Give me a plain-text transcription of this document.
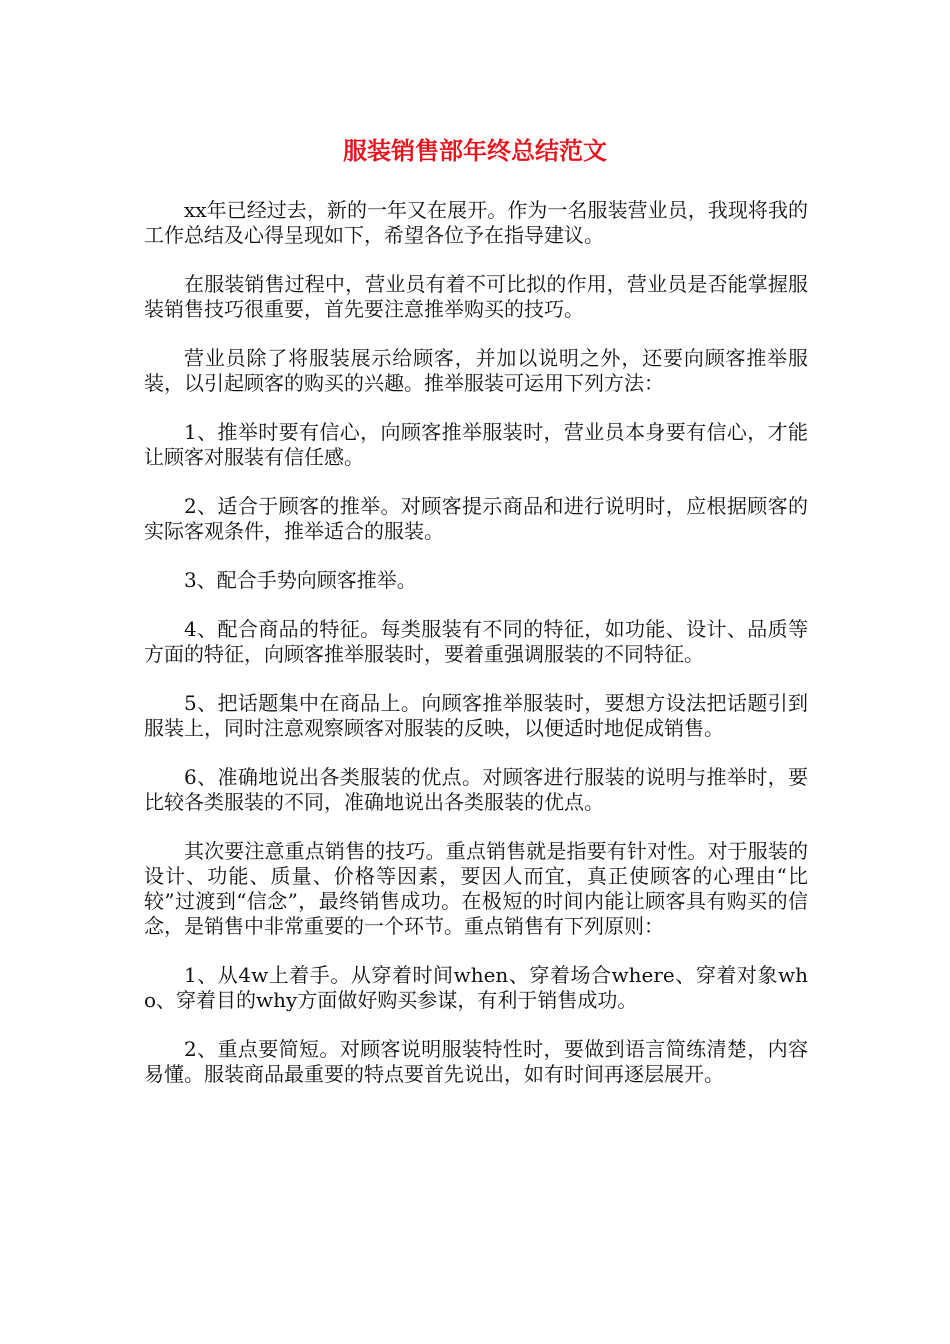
服装销售部年终总结范文

xx年已经过去，新的一年又在展开。作为一名服装营业员，我现将我的工作总结及心得呈现如下，希望各位予在指导建议。

在服装销售过程中，营业员有着不可比拟的作用，营业员是否能掌握服装销售技巧很重要，首先要注意推举购买的技巧。

营业员除了将服装展示给顾客，并加以说明之外，还要向顾客推举服装，以引起顾客的购买的兴趣。推举服装可运用下列方法：

1、推举时要有信心，向顾客推举服装时，营业员本身要有信心，才能让顾客对服装有信任感。

2、适合于顾客的推举。对顾客提示商品和进行说明时，应根据顾客的实际客观条件，推举适合的服装。

3、配合手势向顾客推举。

4、配合商品的特征。每类服装有不同的特征，如功能、设计、品质等方面的特征，向顾客推举服装时，要着重强调服装的不同特征。

5、把话题集中在商品上。向顾客推举服装时，要想方设法把话题引到服装上，同时注意观察顾客对服装的反映，以便适时地促成销售。

6、准确地说出各类服装的优点。对顾客进行服装的说明与推举时，要比较各类服装的不同，准确地说出各类服装的优点。

其次要注意重点销售的技巧。重点销售就是指要有针对性。对于服装的设计、功能、质量、价格等因素，要因人而宜，真正使顾客的心理由“比较”过渡到“信念”，最终销售成功。在极短的时间内能让顾客具有购买的信念，是销售中非常重要的一个环节。重点销售有下列原则：

1、从4w上着手。从穿着时间when、穿着场合where、穿着对象who、穿着目的why方面做好购买参谋，有利于销售成功。

2、重点要简短。对顾客说明服装特性时，要做到语言简练清楚，内容易懂。服装商品最重要的特点要首先说出，如有时间再逐层展开。
